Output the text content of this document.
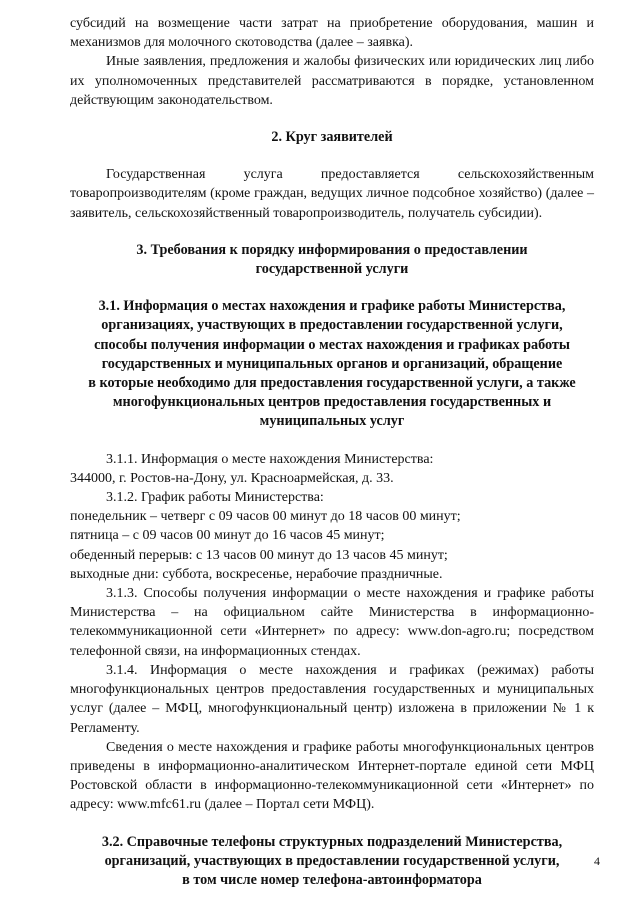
субсидий на возмещение части затрат на приобретение оборудования, машин и механизмов для молочного скотоводства (далее – заявка).

Иные заявления, предложения и жалобы физических или юридических лиц либо их уполномоченных представителей рассматриваются в порядке, установленном действующим законодательством.

2. Круг заявителей

Государственная услуга предоставляется сельскохозяйственным товаропроизводителям (кроме граждан, ведущих личное подсобное хозяйство) (далее – заявитель, сельскохозяйственный товаропроизводитель, получатель субсидии).

3. Требования к порядку информирования о предоставлении
государственной услуги
3.1. Информация о местах нахождения и графике работы Министерства,
организациях, участвующих в предоставлении государственной услуги,
способы получения информации о местах нахождения и графиках работы
государственных и муниципальных органов и организаций, обращение
в которые необходимо для предоставления государственной услуги, а также
многофункциональных центров предоставления государственных и
муниципальных услуг

3.1.1. Информация о месте нахождения Министерства:

344000, г. Ростов-на-Дону, ул. Красноармейская, д. 33.

3.1.2. График работы Министерства:

понедельник – четверг с 09 часов 00 минут до 18 часов 00 минут;

пятница – с 09 часов 00 минут до 16 часов 45 минут;

обеденный перерыв: с 13 часов 00 минут до 13 часов 45 минут;

выходные дни: суббота, воскресенье, нерабочие праздничные.

3.1.3. Способы получения информации о месте нахождения и графике работы Министерства – на официальном сайте Министерства в информационно-телекоммуникационной сети «Интернет» по адресу: www.don-agro.ru; посредством телефонной связи, на информационных стендах.

3.1.4. Информация о месте нахождения и графиках (режимах) работы многофункциональных центров предоставления государственных и муниципальных услуг (далее – МФЦ, многофункциональный центр) изложена в приложении № 1 к Регламенту.

Сведения о месте нахождения и графике работы многофункциональных центров приведены в информационно-аналитическом Интернет-портале единой сети МФЦ Ростовской области в информационно-телекоммуникационной сети «Интернет» по адресу: www.mfc61.ru (далее – Портал сети МФЦ).

3.2. Справочные телефоны структурных подразделений Министерства,
организаций, участвующих в предоставлении государственной услуги,
в том числе номер телефона-автоинформатора
4
